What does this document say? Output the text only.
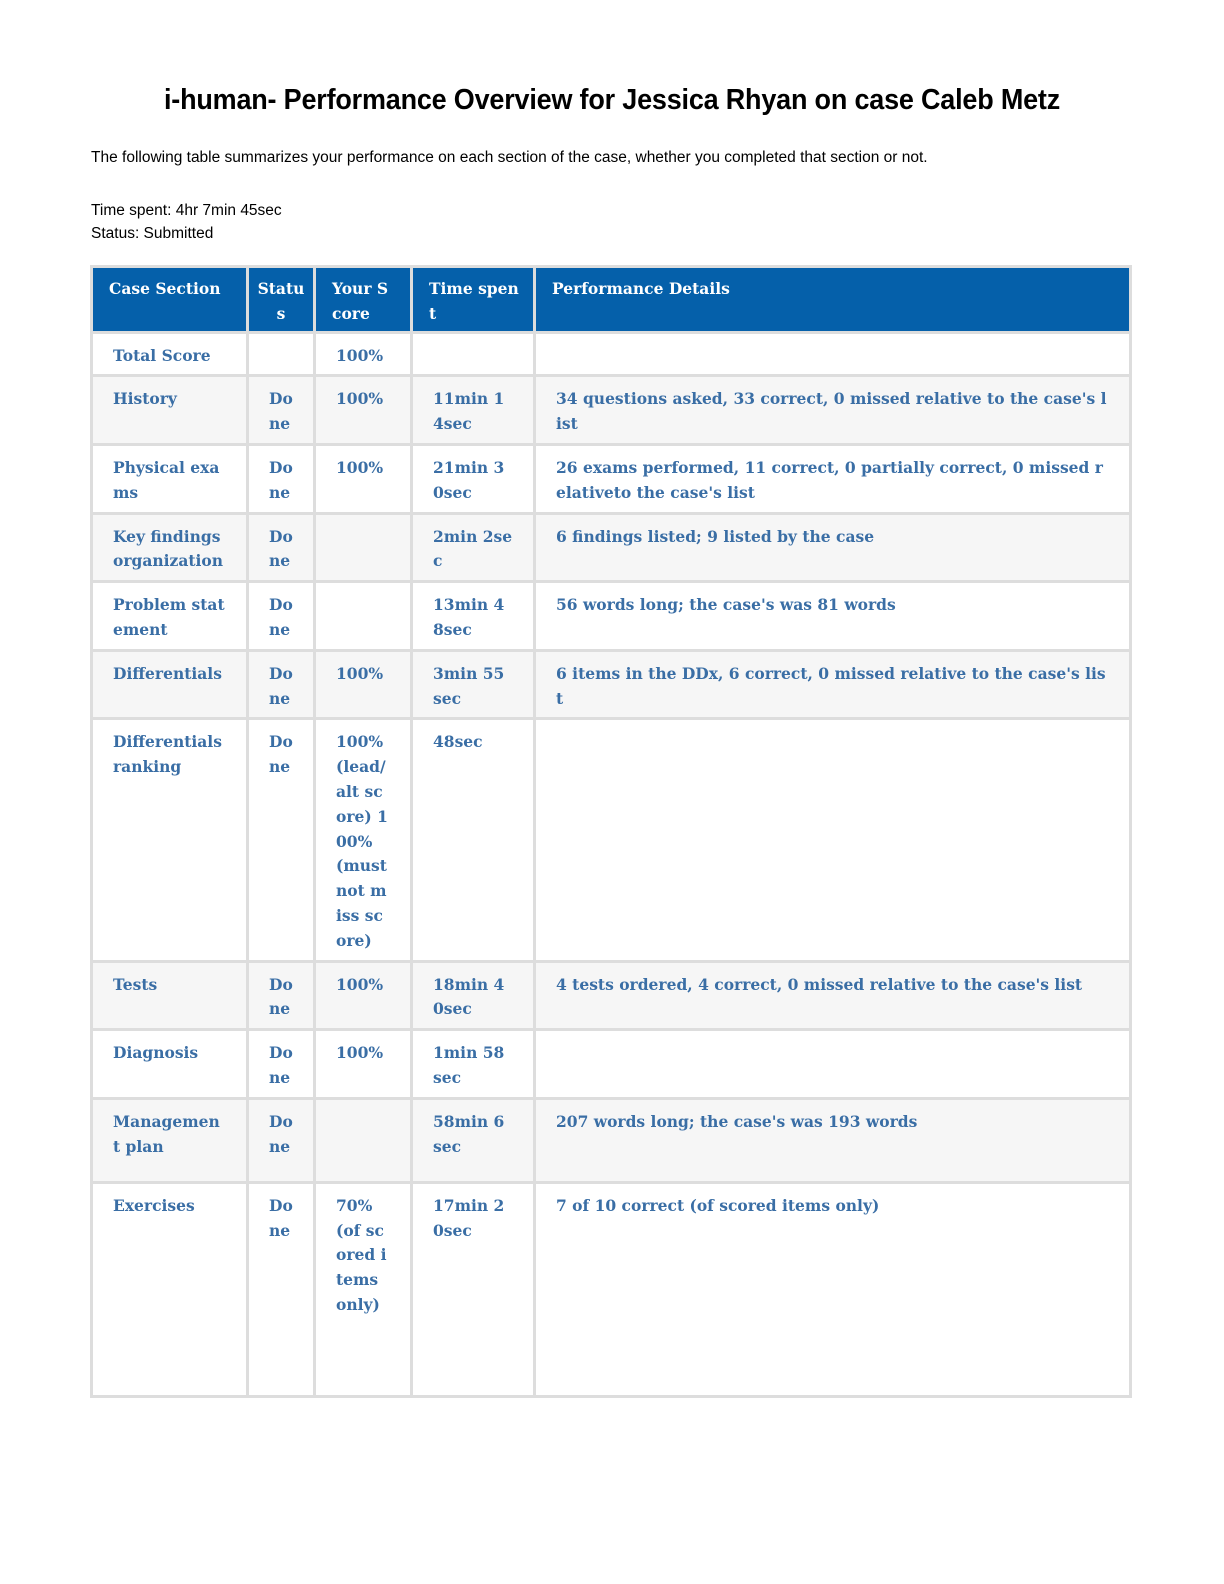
i-human- Performance Overview for Jessica Rhyan on case Caleb Metz
The following table summarizes your performance on each section of the case, whether you completed that section or not.
Time spent: 4hr 7min 45sec
Status: Submitted
Case Section	Status	Your Score	Time spent	Performance Details
Total Score		100%		
History	Done	100%	11min 14sec	34 questions asked, 33 correct, 0 missed relative to the case's list
Physical exams	Done	100%	21min 30sec	26 exams performed, 11 correct, 0 partially correct, 0 missed relativeto the case's list
Key findings organization	Done		2min 2sec	6 findings listed; 9 listed by the case
Problem statement	Done		13min 48sec	56 words long; the case's was 81 words
Differentials	Done	100%	3min 55sec	6 items in the DDx, 6 correct, 0 missed relative to the case's list
Differentials ranking	Done	100% (lead/ alt score) 100% (must not miss score)	48sec	
Tests	Done	100%	18min 40sec	4 tests ordered, 4 correct, 0 missed relative to the case's list
Diagnosis	Done	100%	1min 58sec	
Management plan	Done		58min 6sec	207 words long; the case's was 193 words
Exercises	Done	70% (of scored items only)	17min 20sec	7 of 10 correct (of scored items only)
